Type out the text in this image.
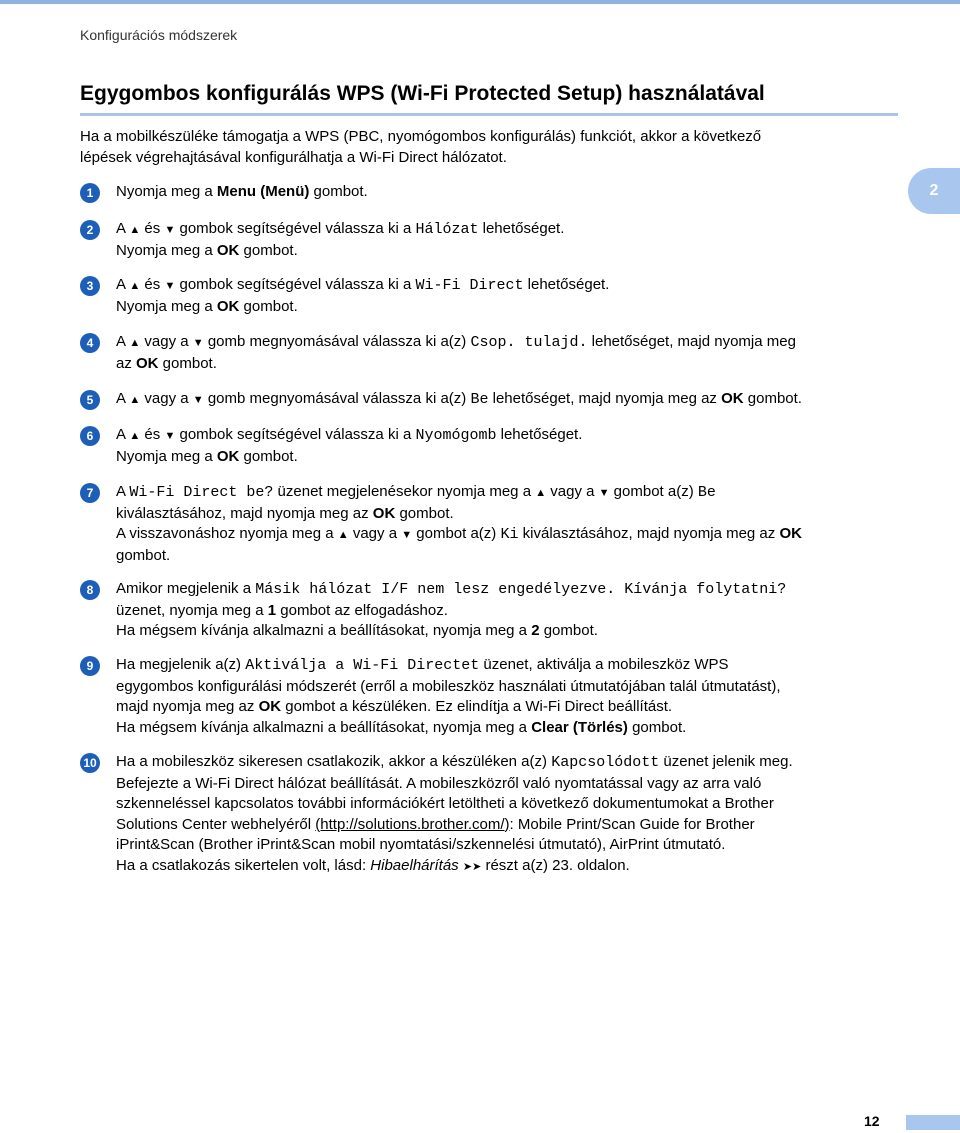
Konfigurációs módszerek
Egygombos konfigurálás WPS (Wi-Fi Protected Setup) használatával
Ha a mobilkészüléke támogatja a WPS (PBC, nyomógombos konfigurálás) funkciót, akkor a következő
lépések végrehajtásával konfigurálhatja a Wi-Fi Direct hálózatot.
2
1	Nyomja meg a Menu (Menü) gombot.
2	A ▲ és ▼ gombok segítségével válassza ki a Hálózat lehetőséget.
Nyomja meg a OK gombot.
3	A ▲ és ▼ gombok segítségével válassza ki a Wi-Fi Direct lehetőséget.
Nyomja meg a OK gombot.
4	A ▲ vagy a ▼ gomb megnyomásával válassza ki a(z) Csop. tulajd. lehetőséget, majd nyomja meg
az OK gombot.
5	A ▲ vagy a ▼ gomb megnyomásával válassza ki a(z) Be lehetőséget, majd nyomja meg az OK gombot.
6	A ▲ és ▼ gombok segítségével válassza ki a Nyomógomb lehetőséget.
Nyomja meg a OK gombot.
7	A Wi-Fi Direct be? üzenet megjelenésekor nyomja meg a ▲ vagy a ▼ gombot a(z) Be
kiválasztásához, majd nyomja meg az OK gombot.
A visszavonáshoz nyomja meg a ▲ vagy a ▼ gombot a(z) Ki kiválasztásához, majd nyomja meg az OK
gombot.
8	Amikor megjelenik a Másik hálózat I/F nem lesz engedélyezve. Kívánja folytatni?
üzenet, nyomja meg a 1 gombot az elfogadáshoz.
Ha mégsem kívánja alkalmazni a beállításokat, nyomja meg a 2 gombot.
9	Ha megjelenik a(z) Aktiválja a Wi-Fi Directet üzenet, aktiválja a mobileszköz WPS
egygombos konfigurálási módszerét (erről a mobileszköz használati útmutatójában talál útmutatást),
majd nyomja meg az OK gombot a készüléken. Ez elindítja a Wi-Fi Direct beállítást.
Ha mégsem kívánja alkalmazni a beállításokat, nyomja meg a Clear (Törlés) gombot.
10 Ha a mobileszköz sikeresen csatlakozik, akkor a készüléken a(z) Kapcsolódott üzenet jelenik meg.
Befejezte a Wi-Fi Direct hálózat beállítását. A mobileszközről való nyomtatással vagy az arra való
szkenneléssel kapcsolatos további információkért letöltheti a következő dokumentumokat a Brother
Solutions Center webhelyéről (http://solutions.brother.com/): Mobile Print/Scan Guide for Brother
iPrint&Scan (Brother iPrint&Scan mobil nyomtatási/szkennelési útmutató), AirPrint útmutató.
Ha a csatlakozás sikertelen volt, lásd: Hibaelhárítás ➤➤ részt a(z) 23. oldalon.
12
